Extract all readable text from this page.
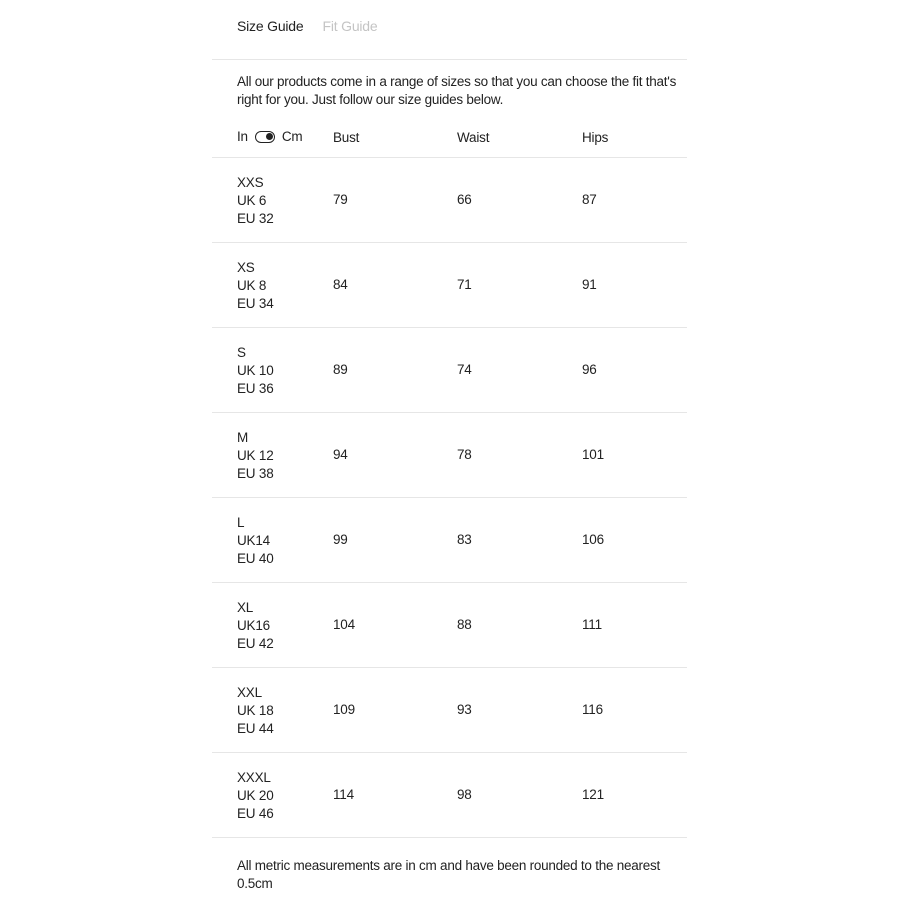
Size Guide Fit Guide

All our products come in a range of sizes so that you can choose the fit that's right for you. Just follow our size guides below.

In	Cm Bust	Waist	Hips
XXS
UK 6
EU 32
79	66	87
XS
UK 8
EU 34
84	71	91
S
UK 10
EU 36
89	74	96
M
UK 12
EU 38
94	78	101
L
UK14
EU 40
99	83	106
XL
UK16
EU 42
104	88	111
XXL
UK 18
EU 44
109	93	116
XXXL
UK 20
EU 46
114	98	121

All metric measurements are in cm and have been rounded to the nearest 0.5cm
